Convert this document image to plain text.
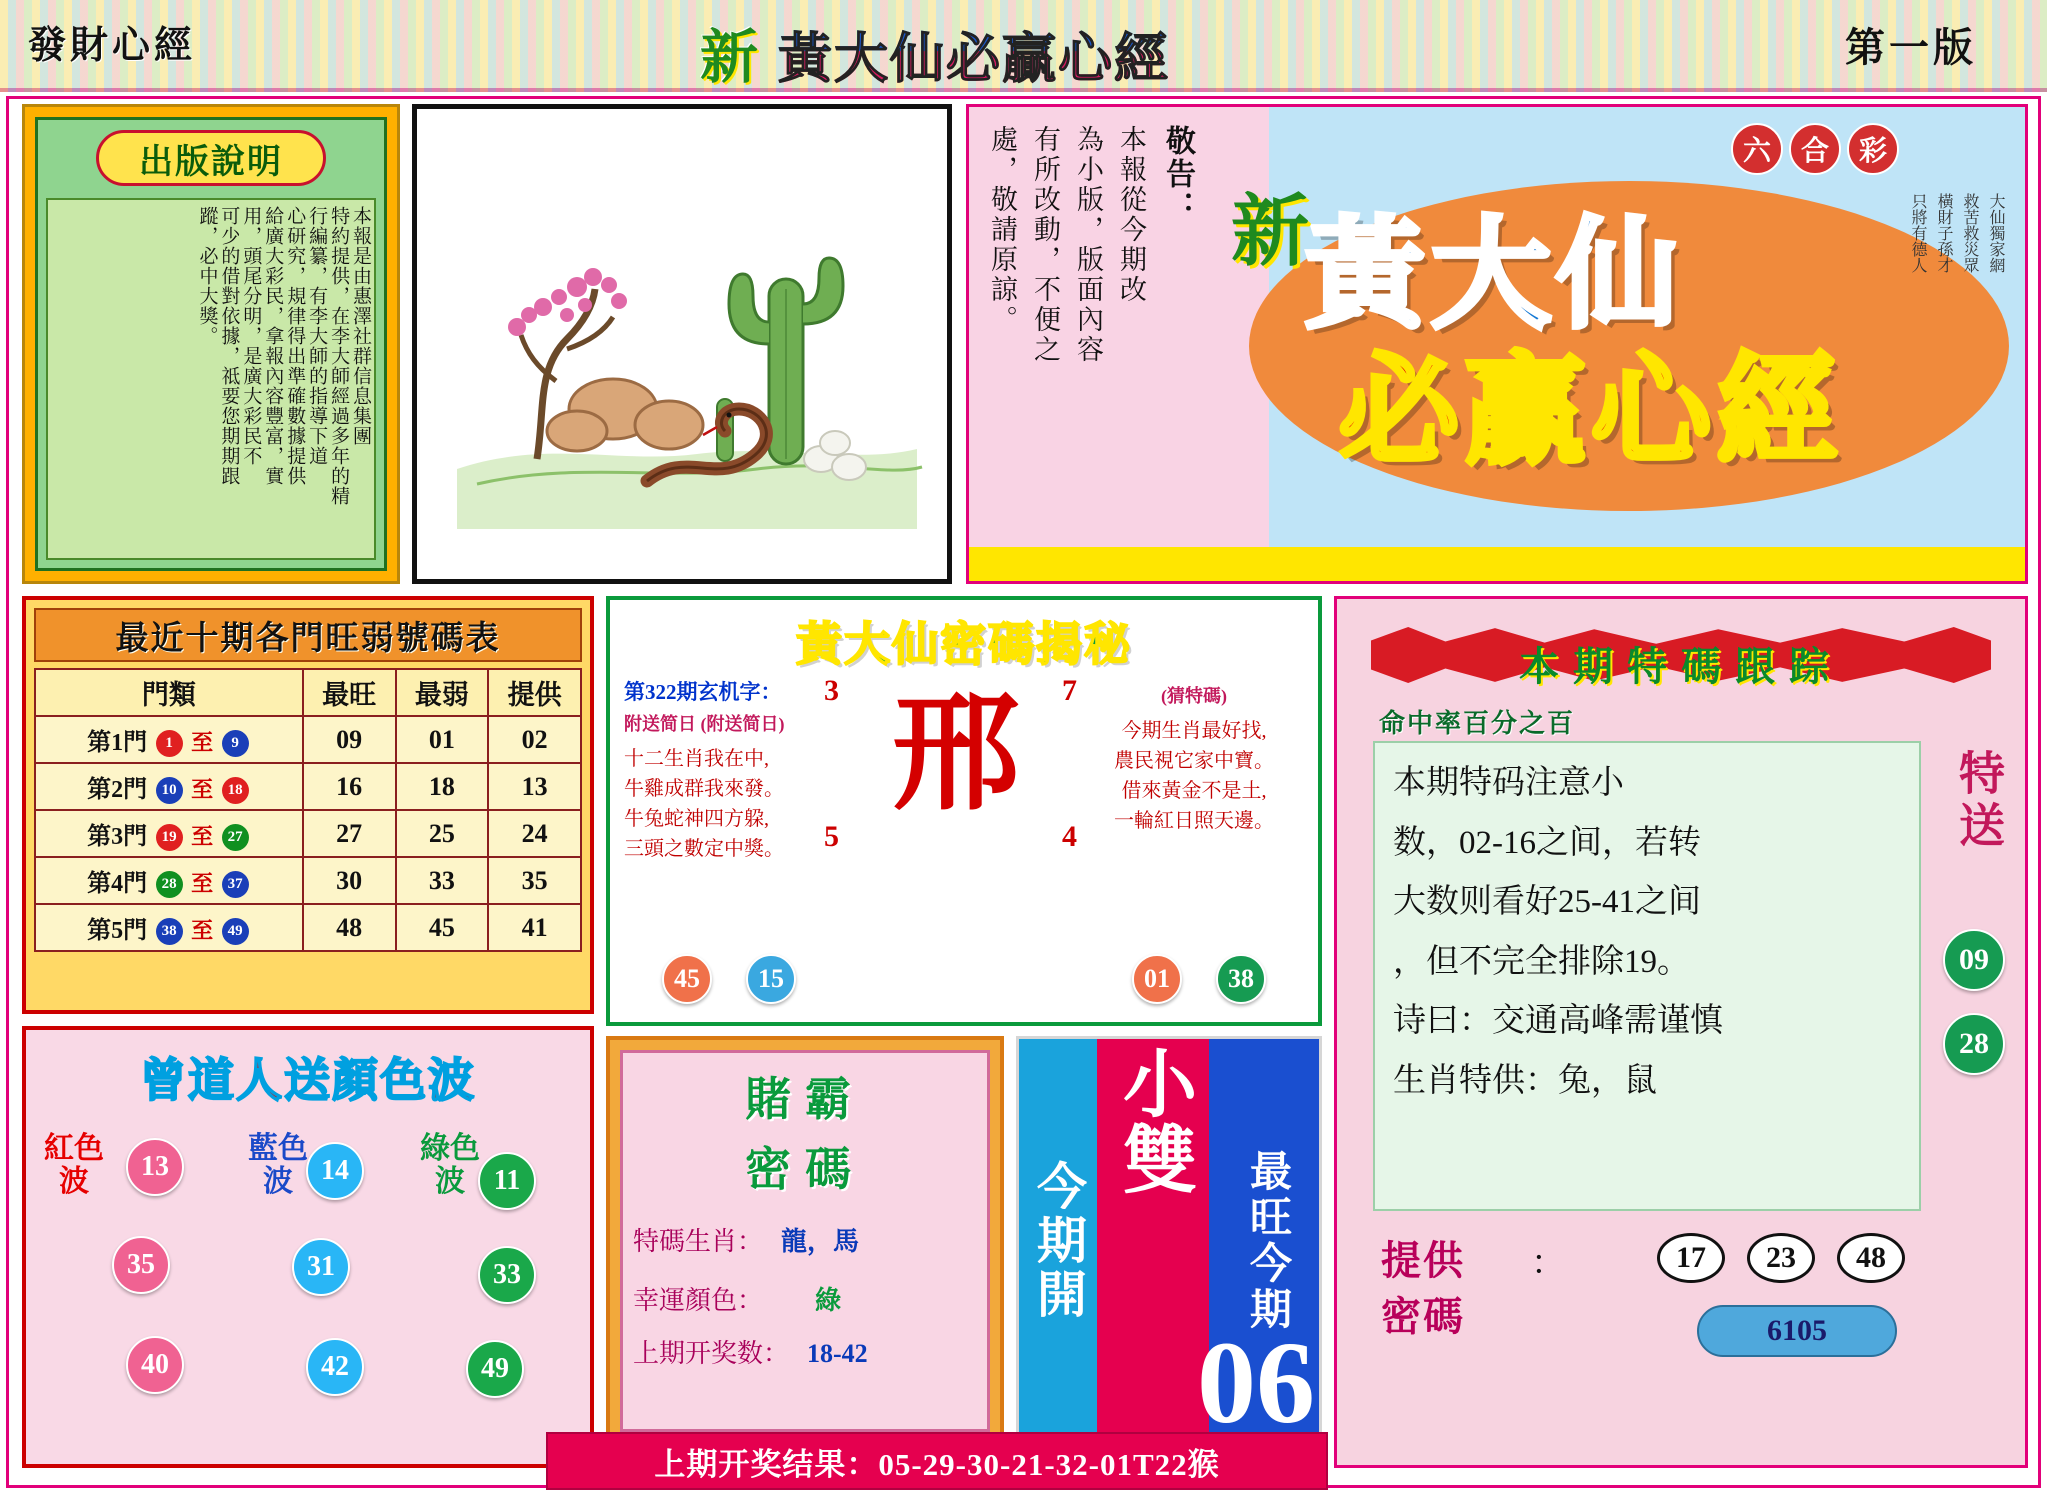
發財心經	新 黃大仙必贏心經	第一版
出版說明
本報是由惠澤社群信息集團
特約提供，在李大師經過多年的精
行編纂，有李大師的指導下道
心研究，規律得出準確數據提供
給廣大彩民，拿報內容豐富，實
用，頭尾分明，是廣大彩民不
可少的借對依據，祗要您期期跟
蹤，必中大獎。
敬告：
本報從今期改
為小版，版面內容
有所改動，不便之
處，敬請原諒。	新
黃大仙
必贏心經
六	合	彩
大仙獨家網
救苦救災眾
橫財子孫才
只將有德人
最近十期各門旺弱號碼表
門類	最旺	最弱	提供
第1門 1 至 9	09	01	02
第2門 10 至 18	16	18	13
第3門 19 至 27	27	25	24
第4門 28 至 37	30	33	35
第5門 38 至 49	48	45	41
黃大仙密碼揭秘
第322期玄机字：
附送简日 (附送简日)
十二生肖我在中,
牛雞成群我來發。
牛兔蛇神四方躱,
三頭之數定中獎。
3	7
5	4
邢	(猜特碼)
今期生肖最好找,
農民視它家中寶。
借來黃金不是土,
一輪紅日照天邊。
45	15	01	38
本期特碼跟踪
命中率百分之百

本期特码注意小

数，02-16之间，若转

大数则看好25-41之间

，但不完全排除19。

诗曰：交通高峰需谨慎

生肖特供：兔，鼠

特送
09
28
提供 ：
密碼
17	23	48
6105
曾道人送顏色波
紅色波
藍色波
綠色波
13
35
40
14
31
42
11
33
49
賭霸
密碼
特碼生肖： 龍，馬
幸運顏色： 綠
上期开奖数： 18-42
今期開
小雙
最旺今期
06
上期开奖结果：05-29-30-21-32-01T22猴
